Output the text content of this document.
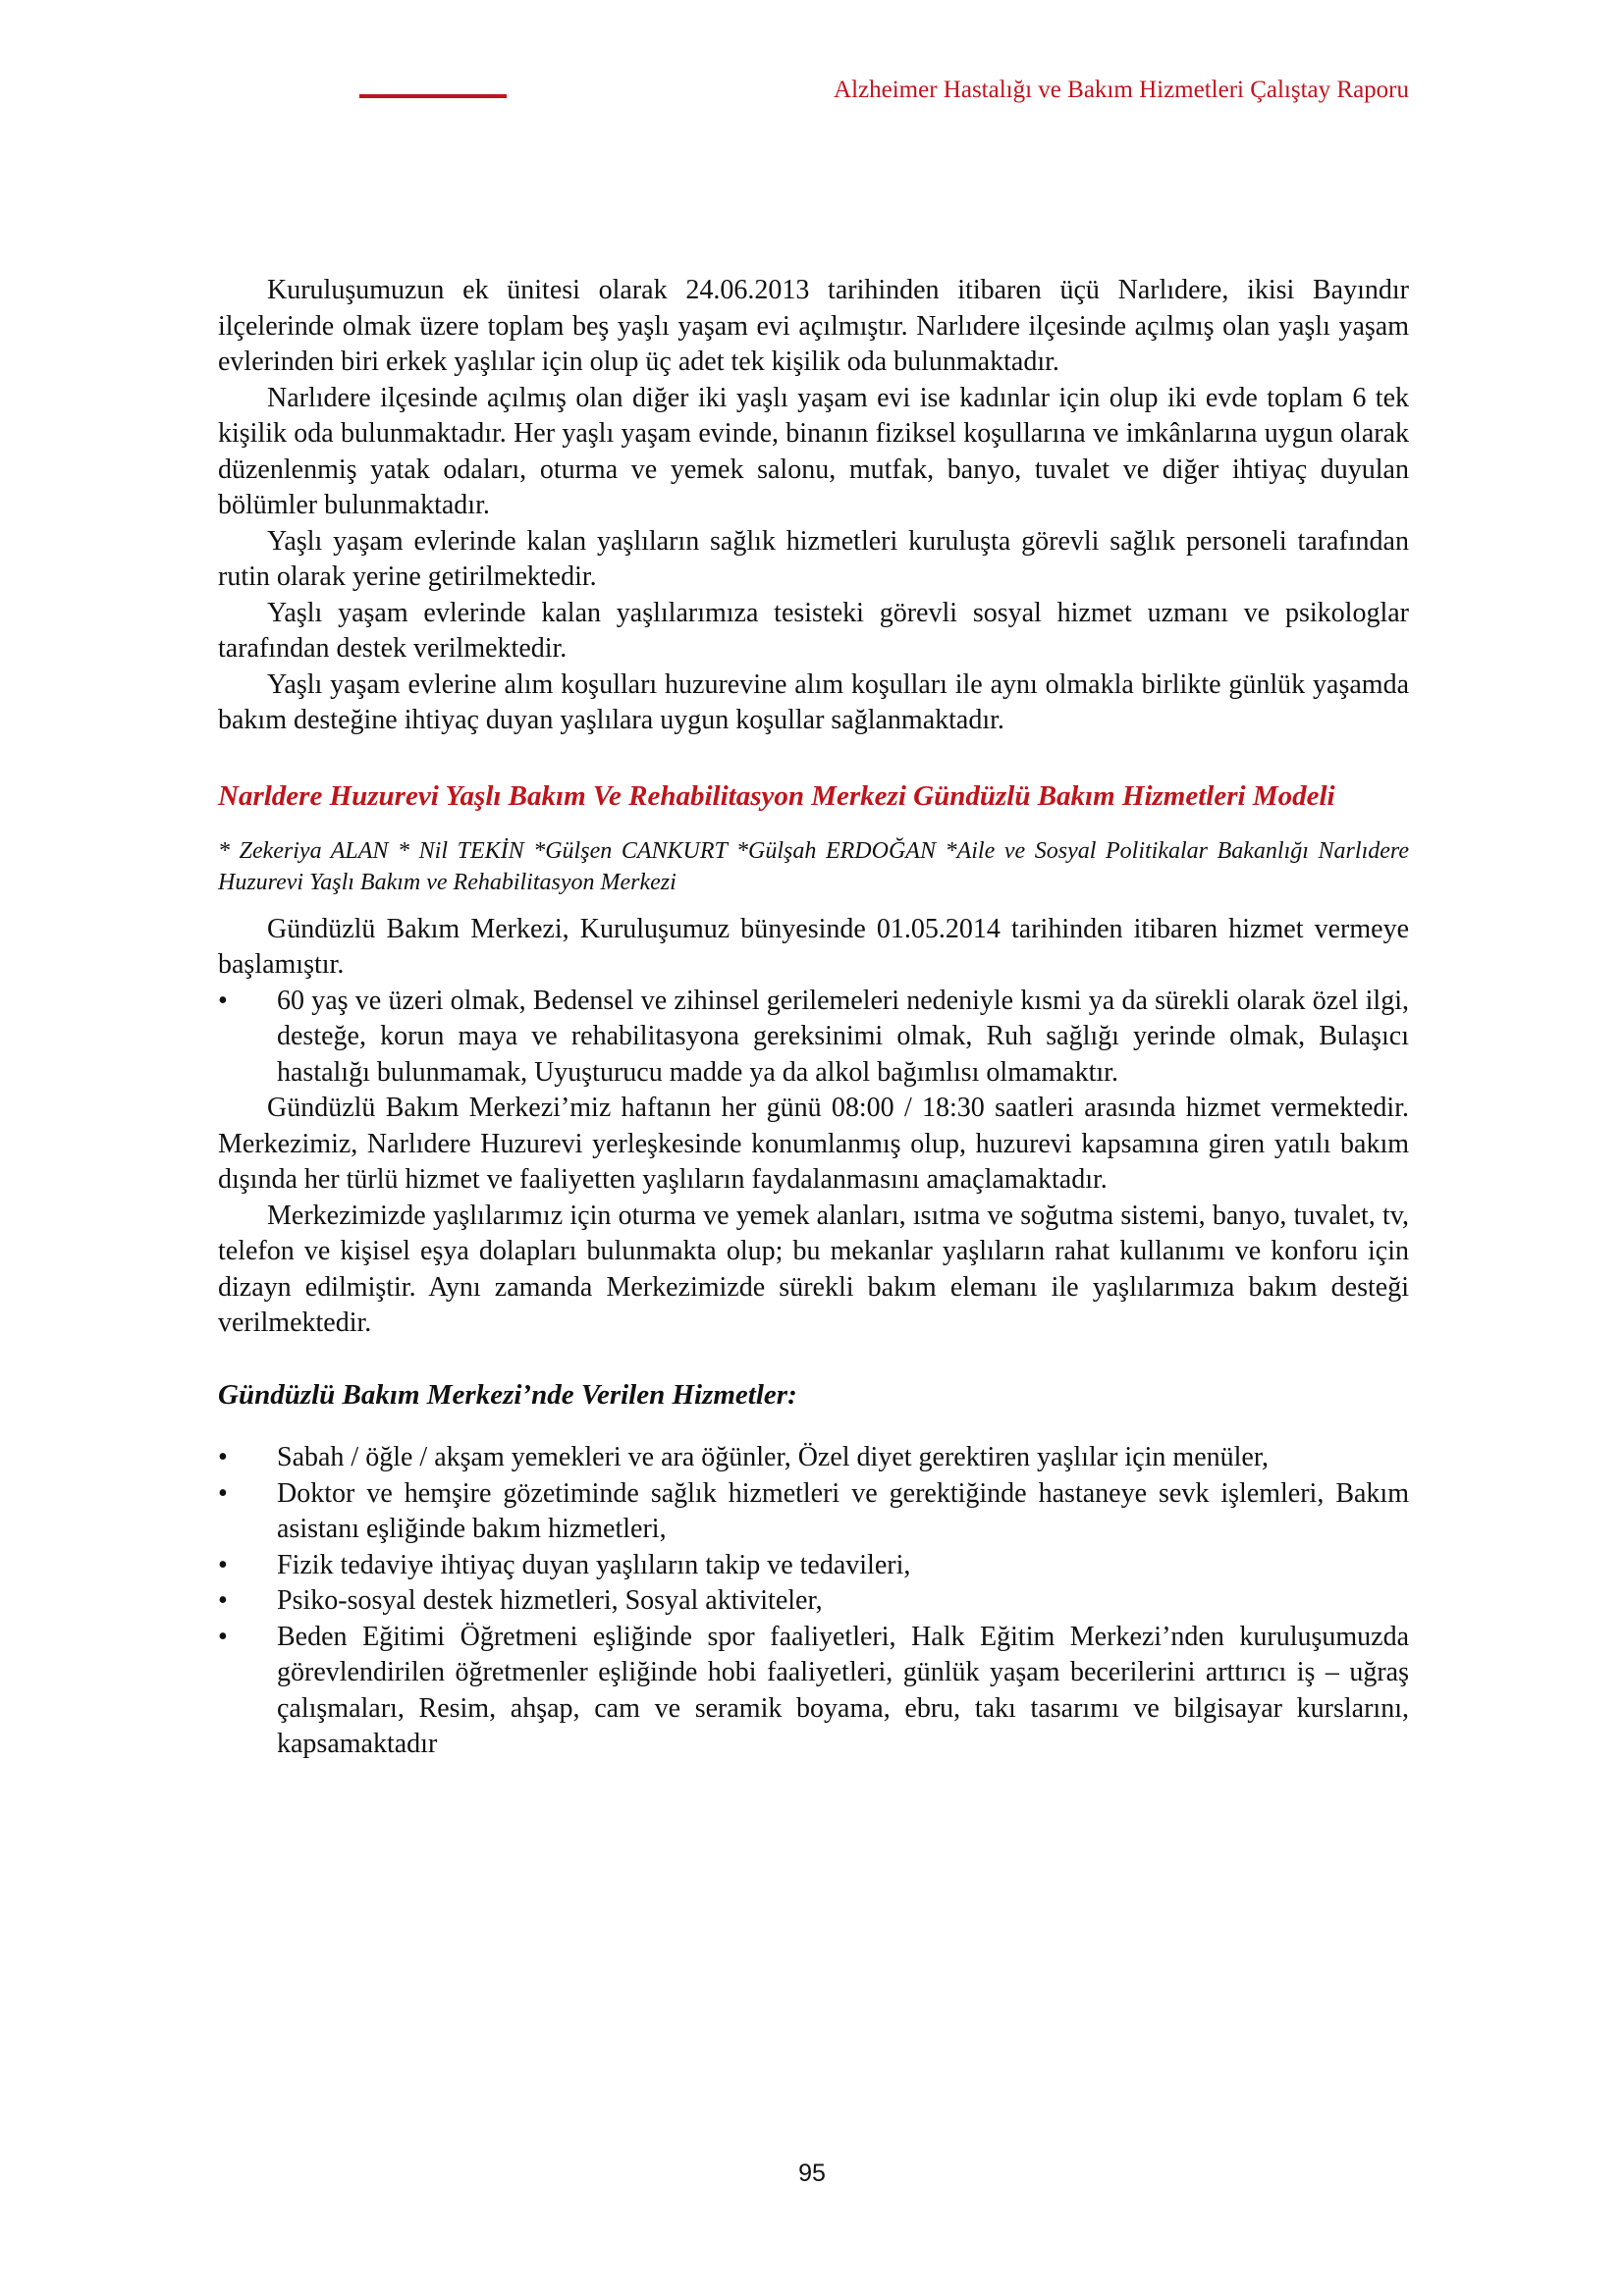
Alzheimer Hastalığı ve Bakım Hizmetleri Çalıştay Raporu

Kuruluşumuzun ek ünitesi olarak 24.06.2013 tarihinden itibaren üçü Narlıdere, ikisi Bayındır ilçelerinde olmak üzere toplam beş yaşlı yaşam evi açılmıştır. Narlıdere ilçesinde açılmış olan yaşlı yaşam evlerinden biri erkek yaşlılar için olup üç adet tek kişilik oda bulunmaktadır.

Narlıdere ilçesinde açılmış olan diğer iki yaşlı yaşam evi ise kadınlar için olup iki evde toplam 6 tek kişilik oda bulunmaktadır. Her yaşlı yaşam evinde, binanın fiziksel koşullarına ve imkânlarına uygun olarak düzenlenmiş yatak odaları, oturma ve yemek salonu, mutfak, banyo, tuvalet ve diğer ihtiyaç duyulan bölümler bulunmaktadır.

Yaşlı yaşam evlerinde kalan yaşlıların sağlık hizmetleri kuruluşta görevli sağlık personeli tarafından rutin olarak yerine getirilmektedir.

Yaşlı yaşam evlerinde kalan yaşlılarımıza tesisteki görevli sosyal hizmet uzmanı ve psikologlar tarafından destek verilmektedir.

Yaşlı yaşam evlerine alım koşulları huzurevine alım koşulları ile aynı olmakla birlikte günlük yaşamda bakım desteğine ihtiyaç duyan yaşlılara uygun koşullar sağlanmaktadır.

Narldere Huzurevi Yaşlı Bakım Ve Rehabilitasyon Merkezi Gündüzlü Bakım Hizmetleri Modeli

* Zekeriya ALAN * Nil TEKİN *Gülşen CANKURT *Gülşah ERDOĞAN *Aile ve Sosyal Politikalar Bakanlığı Narlıdere Huzurevi Yaşlı Bakım ve Rehabilitasyon Merkezi

Gündüzlü Bakım Merkezi, Kuruluşumuz bünyesinde 01.05.2014 tarihinden itibaren hizmet vermeye başlamıştır.

• 60 yaş ve üzeri olmak, Bedensel ve zihinsel gerilemeleri nedeniyle kısmi ya da sürekli olarak özel ilgi, desteğe, korun maya ve rehabilitasyona gereksinimi olmak, Ruh sağlığı yerinde olmak, Bulaşıcı hastalığı bulunmamak, Uyuşturucu madde ya da alkol bağımlısı olmamaktır.

Gündüzlü Bakım Merkezi’miz haftanın her günü 08:00 / 18:30 saatleri arasında hizmet vermektedir. Merkezimiz, Narlıdere Huzurevi yerleşkesinde konumlanmış olup, huzurevi kapsamına giren yatılı bakım dışında her türlü hizmet ve faaliyetten yaşlıların faydalanmasını amaçlamaktadır.

Merkezimizde yaşlılarımız için oturma ve yemek alanları, ısıtma ve soğutma sistemi, banyo, tuvalet, tv, telefon ve kişisel eşya dolapları bulunmakta olup; bu mekanlar yaşlıların rahat kullanımı ve konforu için dizayn edilmiştir. Aynı zamanda Merkezimizde sürekli bakım elemanı ile yaşlılarımıza bakım desteği verilmektedir.

Gündüzlü Bakım Merkezi’nde Verilen Hizmetler:

• Sabah / öğle / akşam yemekleri ve ara öğünler, Özel diyet gerektiren yaşlılar için menüler,
• Doktor ve hemşire gözetiminde sağlık hizmetleri ve gerektiğinde hastaneye sevk işlemleri, Bakım asistanı eşliğinde bakım hizmetleri,
• Fizik tedaviye ihtiyaç duyan yaşlıların takip ve tedavileri,
• Psiko-sosyal destek hizmetleri, Sosyal aktiviteler,
• Beden Eğitimi Öğretmeni eşliğinde spor faaliyetleri, Halk Eğitim Merkezi’nden kuruluşumuzda görevlendirilen öğretmenler eşliğinde hobi faaliyetleri, günlük yaşam becerilerini arttırıcı iş – uğraş çalışmaları, Resim, ahşap, cam ve seramik boyama, ebru, takı tasarımı ve bilgisayar kurslarını, kapsamaktadır
95
